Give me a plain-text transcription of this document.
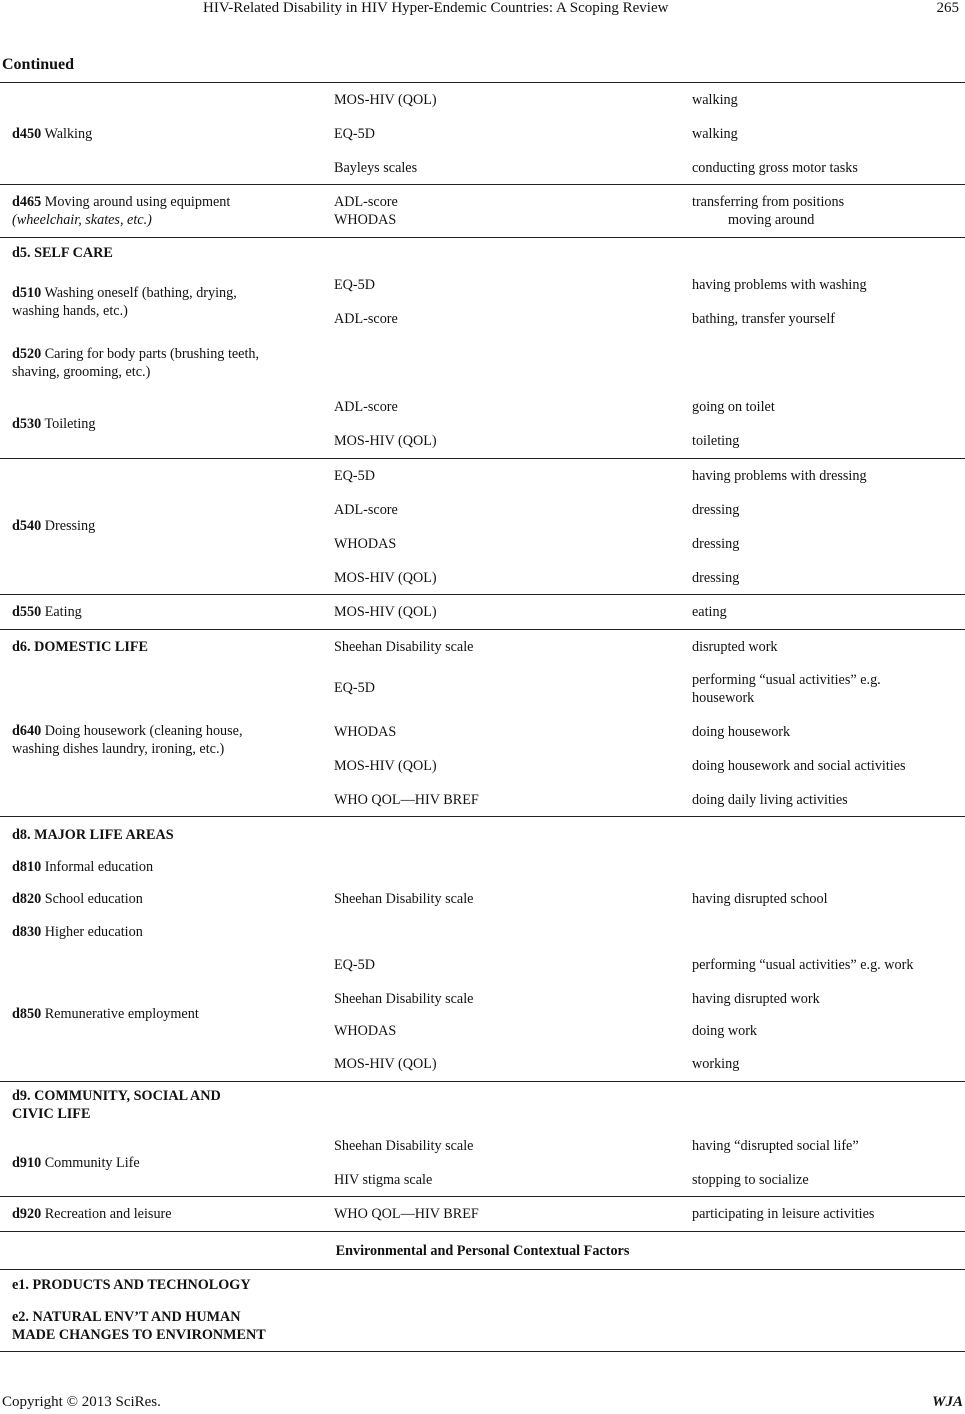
HIV-Related Disability in HIV Hyper-Endemic Countries: A Scoping Review	265
Continued
d450 Walking
d465 Moving around using equipment
(wheelchair, skates, etc.)
d5. SELF CARE
d510 Washing oneself (bathing, drying,
washing hands, etc.)
d520 Caring for body parts (brushing teeth,
shaving, grooming, etc.)
d530 Toileting
d540 Dressing
d550 Eating
d6. DOMESTIC LIFE
d640 Doing housework (cleaning house,
washing dishes laundry, ironing, etc.)
d8. MAJOR LIFE AREAS
d810 Informal education
d820 School education
d830 Higher education
d850 Remunerative employment
d9. COMMUNITY, SOCIAL AND
CIVIC LIFE
d910 Community Life
d920 Recreation and leisure
e1. PRODUCTS AND TECHNOLOGY
e2. NATURAL ENV’T AND HUMAN
MADE CHANGES TO ENVIRONMENT
MOS-HIV (QOL)
EQ-5D
Bayleys scales
ADL-score
WHODAS
EQ-5D
ADL-score
ADL-score
MOS-HIV (QOL)
EQ-5D
ADL-score
WHODAS
MOS-HIV (QOL)
MOS-HIV (QOL)
Sheehan Disability scale
EQ-5D
WHODAS
MOS-HIV (QOL)
WHO QOL—HIV BREF
Sheehan Disability scale
EQ-5D
Sheehan Disability scale
WHODAS
MOS-HIV (QOL)
Sheehan Disability scale
HIV stigma scale
WHO QOL—HIV BREF
walking
walking
conducting gross motor tasks
transferring from positions
moving around
having problems with washing
bathing, transfer yourself
going on toilet
toileting
having problems with dressing
dressing
dressing
dressing
eating
disrupted work
performing “usual activities” e.g.
housework
doing housework
doing housework and social activities
doing daily living activities
having disrupted school
performing “usual activities” e.g. work
having disrupted work
doing work
working
having “disrupted social life”
stopping to socialize
participating in leisure activities
Environmental and Personal Contextual Factors
Copyright © 2013 SciRes.	WJA
